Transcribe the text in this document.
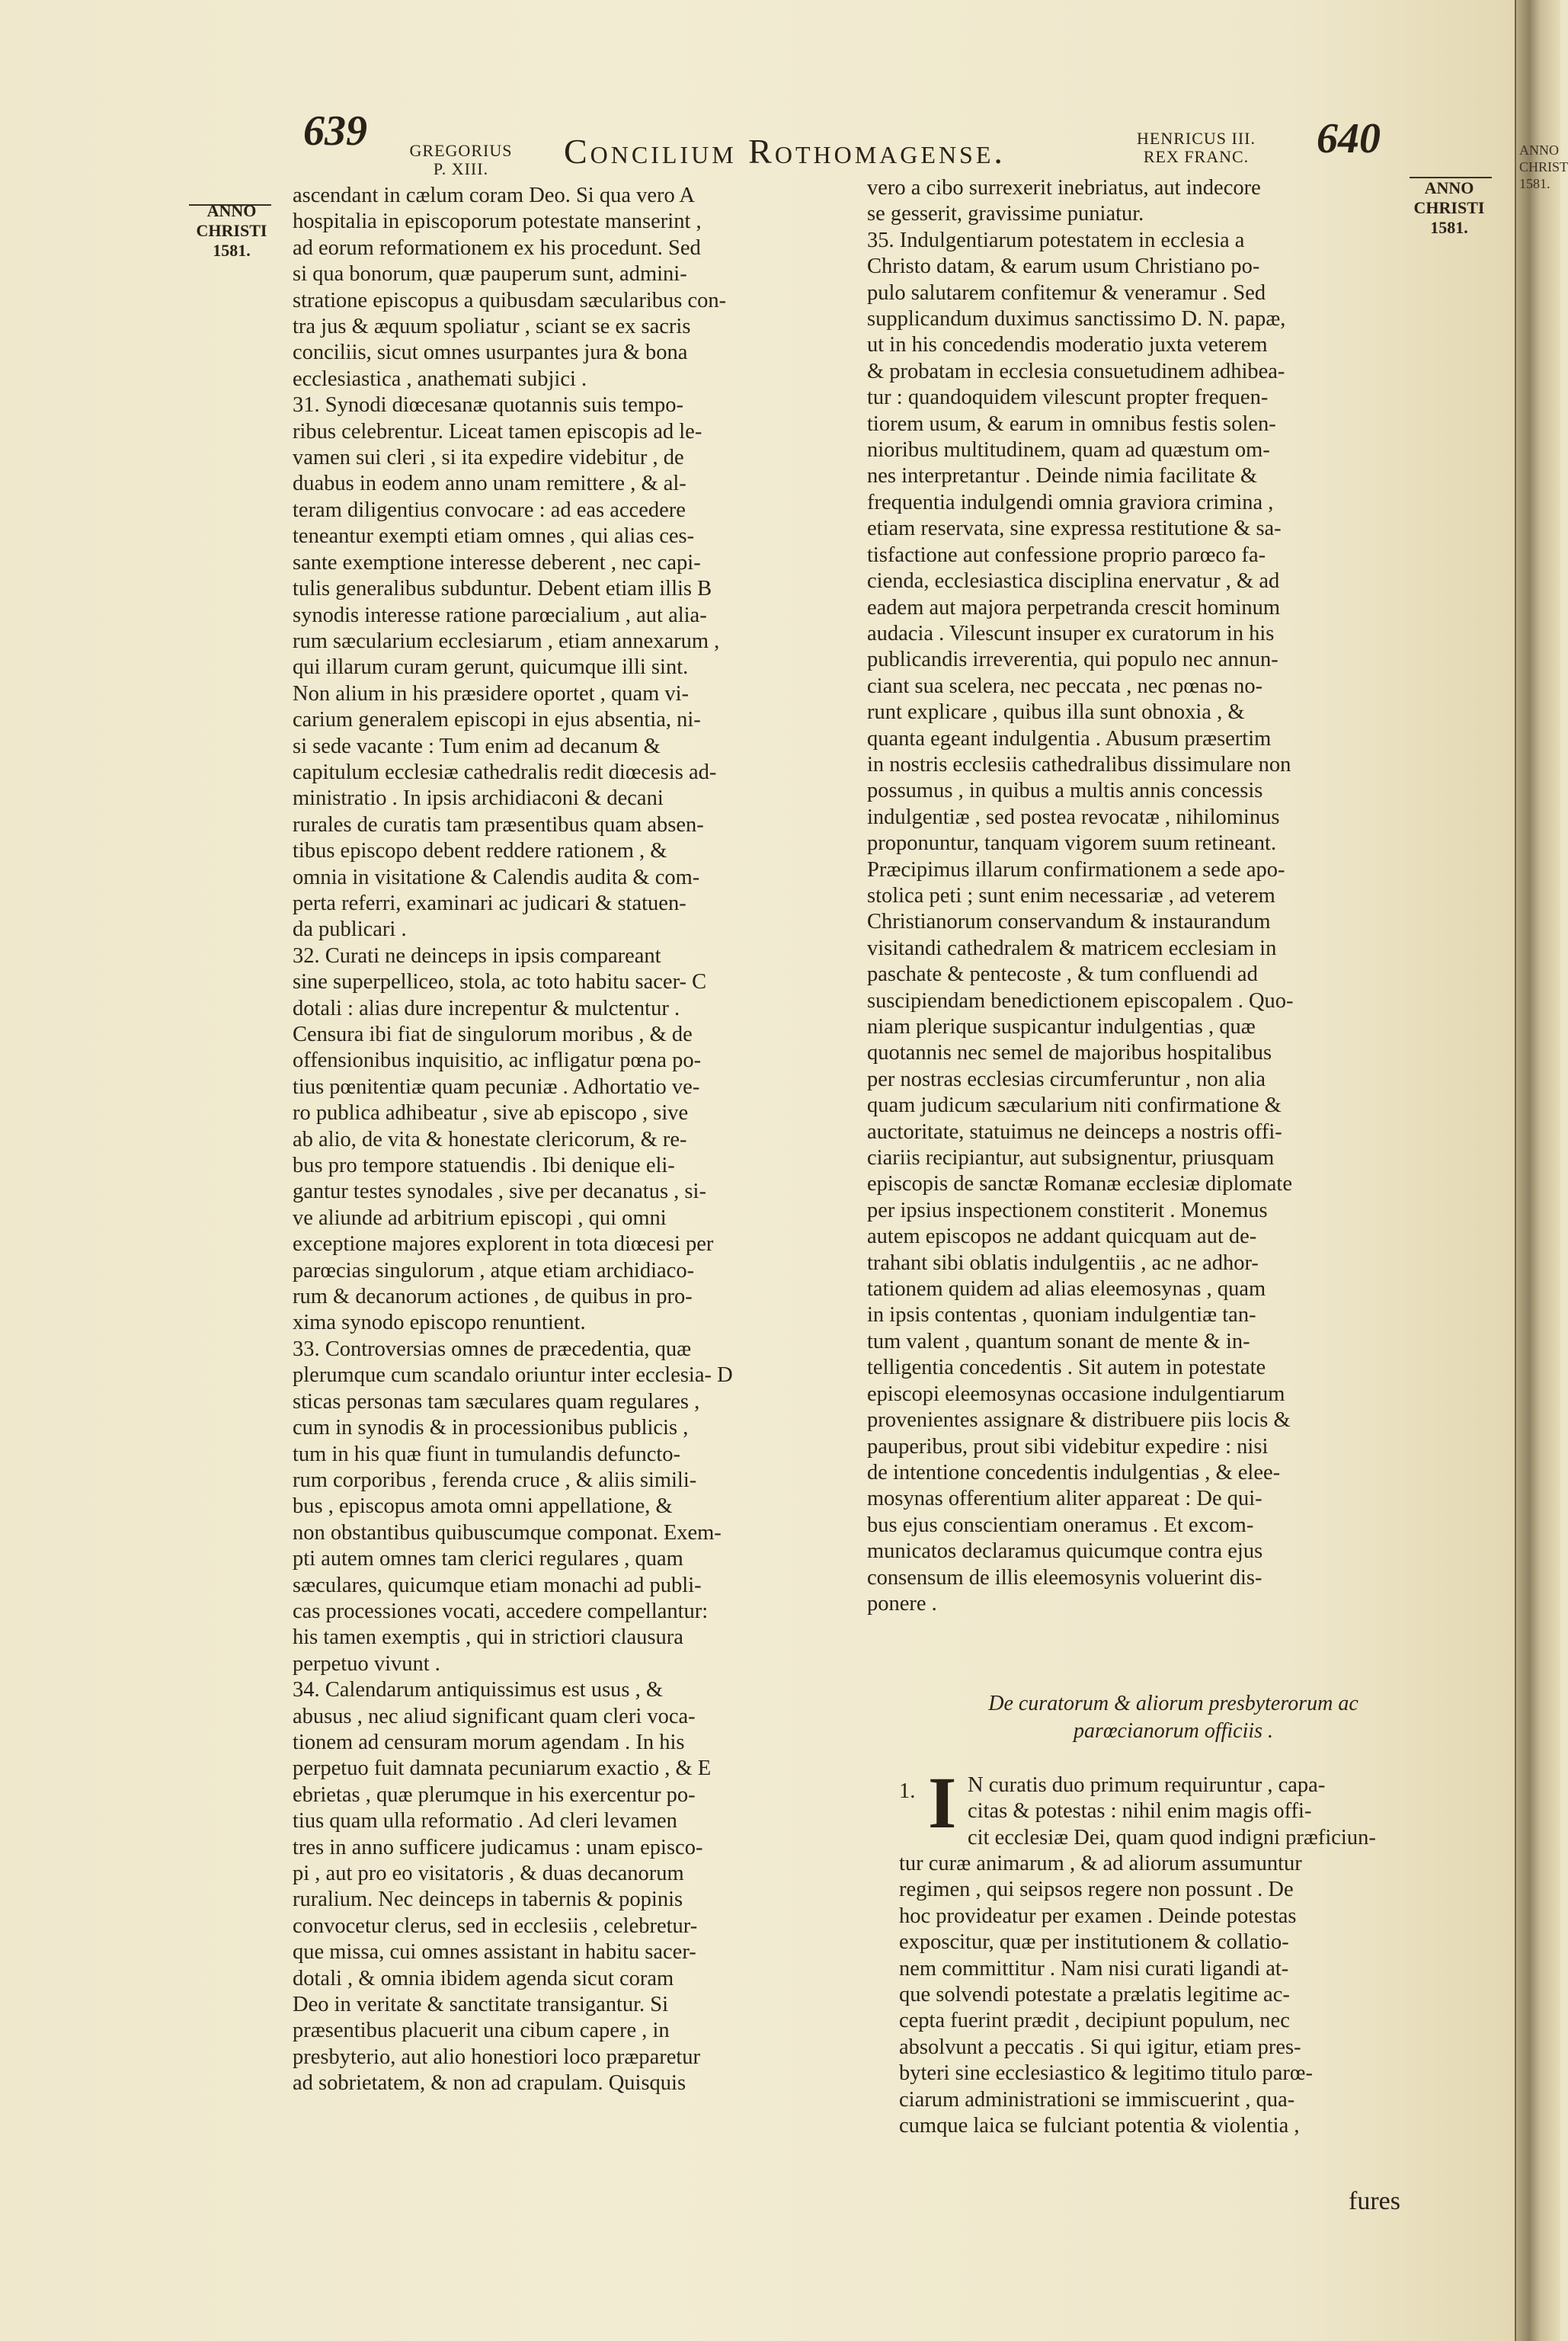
639	GREGORIUS
P. XIII.	Concilium Rothomagense.	HENRICUS III.
REX FRANC.	640
ANNO
CHRISTI
1581.
ANNO
CHRISTI
1581.
ascendant in cælum coram Deo. Si qua vero A
hospitalia in episcoporum potestate manserint ,
ad eorum reformationem ex his procedunt. Sed
si qua bonorum, quæ pauperum sunt, admini-
stratione episcopus a quibusdam sæcularibus con-
tra jus & æquum spoliatur , sciant se ex sacris
conciliis, sicut omnes usurpantes jura & bona
ecclesiastica , anathemati subjici .
31. Synodi diœcesanæ quotannis suis tempo-
ribus celebrentur. Liceat tamen episcopis ad le-
vamen sui cleri , si ita expedire videbitur , de
duabus in eodem anno unam remittere , & al-
teram diligentius convocare : ad eas accedere
teneantur exempti etiam omnes , qui alias ces-
sante exemptione interesse deberent , nec capi-
tulis generalibus subduntur. Debent etiam illis B
synodis interesse ratione parœcialium , aut alia-
rum sæcularium ecclesiarum , etiam annexarum ,
qui illarum curam gerunt, quicumque illi sint.
Non alium in his præsidere oportet , quam vi-
carium generalem episcopi in ejus absentia, ni-
si sede vacante : Tum enim ad decanum &
capitulum ecclesiæ cathedralis redit diœcesis ad-
ministratio . In ipsis archidiaconi & decani
rurales de curatis tam præsentibus quam absen-
tibus episcopo debent reddere rationem , &
omnia in visitatione & Calendis audita & com-
perta referri, examinari ac judicari & statuen-
da publicari .
32. Curati ne deinceps in ipsis compareant
sine superpelliceo, stola, ac toto habitu sacer- C
dotali : alias dure increpentur & mulctentur .
Censura ibi fiat de singulorum moribus , & de
offensionibus inquisitio, ac infligatur pœna po-
tius pœnitentiæ quam pecuniæ . Adhortatio ve-
ro publica adhibeatur , sive ab episcopo , sive
ab alio, de vita & honestate clericorum, & re-
bus pro tempore statuendis . Ibi denique eli-
gantur testes synodales , sive per decanatus , si-
ve aliunde ad arbitrium episcopi , qui omni
exceptione majores explorent in tota diœcesi per
parœcias singulorum , atque etiam archidiaco-
rum & decanorum actiones , de quibus in pro-
xima synodo episcopo renuntient.
33. Controversias omnes de præcedentia, quæ
plerumque cum scandalo oriuntur inter ecclesia- D
sticas personas tam sæculares quam regulares ,
cum in synodis & in processionibus publicis ,
tum in his quæ fiunt in tumulandis defuncto-
rum corporibus , ferenda cruce , & aliis simili-
bus , episcopus amota omni appellatione, &
non obstantibus quibuscumque componat. Exem-
pti autem omnes tam clerici regulares , quam
sæculares, quicumque etiam monachi ad publi-
cas processiones vocati, accedere compellantur:
his tamen exemptis , qui in strictiori clausura
perpetuo vivunt .
34. Calendarum antiquissimus est usus , &
abusus , nec aliud significant quam cleri voca-
tionem ad censuram morum agendam . In his
perpetuo fuit damnata pecuniarum exactio , & E
ebrietas , quæ plerumque in his exercentur po-
tius quam ulla reformatio . Ad cleri levamen
tres in anno sufficere judicamus : unam episco-
pi , aut pro eo visitatoris , & duas decanorum
ruralium. Nec deinceps in tabernis & popinis
convocetur clerus, sed in ecclesiis , celebretur-
que missa, cui omnes assistant in habitu sacer-
dotali , & omnia ibidem agenda sicut coram
Deo in veritate & sanctitate transigantur. Si
præsentibus placuerit una cibum capere , in
presbyterio, aut alio honestiori loco præparetur
ad sobrietatem, & non ad crapulam. Quisquis
vero a cibo surrexerit inebriatus, aut indecore
se gesserit, gravissime puniatur.
35. Indulgentiarum potestatem in ecclesia a
Christo datam, & earum usum Christiano po-
pulo salutarem confitemur & veneramur . Sed
supplicandum duximus sanctissimo D. N. papæ,
ut in his concedendis moderatio juxta veterem
& probatam in ecclesia consuetudinem adhibea-
tur : quandoquidem vilescunt propter frequen-
tiorem usum, & earum in omnibus festis solen-
nioribus multitudinem, quam ad quæstum om-
nes interpretantur . Deinde nimia facilitate &
frequentia indulgendi omnia graviora crimina ,
etiam reservata, sine expressa restitutione & sa-
tisfactione aut confessione proprio parœco fa-
cienda, ecclesiastica disciplina enervatur , & ad
eadem aut majora perpetranda crescit hominum
audacia . Vilescunt insuper ex curatorum in his
publicandis irreverentia, qui populo nec annun-
ciant sua scelera, nec peccata , nec pœnas no-
runt explicare , quibus illa sunt obnoxia , &
quanta egeant indulgentia . Abusum præsertim
in nostris ecclesiis cathedralibus dissimulare non
possumus , in quibus a multis annis concessis
indulgentiæ , sed postea revocatæ , nihilominus
proponuntur, tanquam vigorem suum retineant.
Præcipimus illarum confirmationem a sede apo-
stolica peti ; sunt enim necessariæ , ad veterem
Christianorum conservandum & instaurandum
visitandi cathedralem & matricem ecclesiam in
paschate & pentecoste , & tum confluendi ad
suscipiendam benedictionem episcopalem . Quo-
niam plerique suspicantur indulgentias , quæ
quotannis nec semel de majoribus hospitalibus
per nostras ecclesias circumferuntur , non alia
quam judicum sæcularium niti confirmatione &
auctoritate, statuimus ne deinceps a nostris offi-
ciariis recipiantur, aut subsignentur, priusquam
episcopis de sanctæ Romanæ ecclesiæ diplomate
per ipsius inspectionem constiterit . Monemus
autem episcopos ne addant quicquam aut de-
trahant sibi oblatis indulgentiis , ac ne adhor-
tationem quidem ad alias eleemosynas , quam
in ipsis contentas , quoniam indulgentiæ tan-
tum valent , quantum sonant de mente & in-
telligentia concedentis . Sit autem in potestate
episcopi eleemosynas occasione indulgentiarum
provenientes assignare & distribuere piis locis &
pauperibus, prout sibi videbitur expedire : nisi
de intentione concedentis indulgentias , & elee-
mosynas offerentium aliter appareat : De qui-
bus ejus conscientiam oneramus . Et excom-
municatos declaramus quicumque contra ejus
consensum de illis eleemosynis voluerint dis-
ponere .
De curatorum & aliorum presbyterorum ac
parœcianorum officiis .
1. I N curatis duo primum requiruntur , capa-
citas & potestas : nihil enim magis offi-
cit ecclesiæ Dei, quam quod indigni præficiun-
tur curæ animarum , & ad aliorum assumuntur
regimen , qui seipsos regere non possunt . De
hoc provideatur per examen . Deinde potestas
exposcitur, quæ per institutionem & collatio-
nem committitur . Nam nisi curati ligandi at-
que solvendi potestate a prælatis legitime ac-
cepta fuerint prædit , decipiunt populum, nec
absolvunt a peccatis . Si qui igitur, etiam pres-
byteri sine ecclesiastico & legitimo titulo parœ-
ciarum administrationi se immiscuerint , qua-
cumque laica se fulciant potentia & violentia ,
fures
ANNO
CHRIST
1581.
